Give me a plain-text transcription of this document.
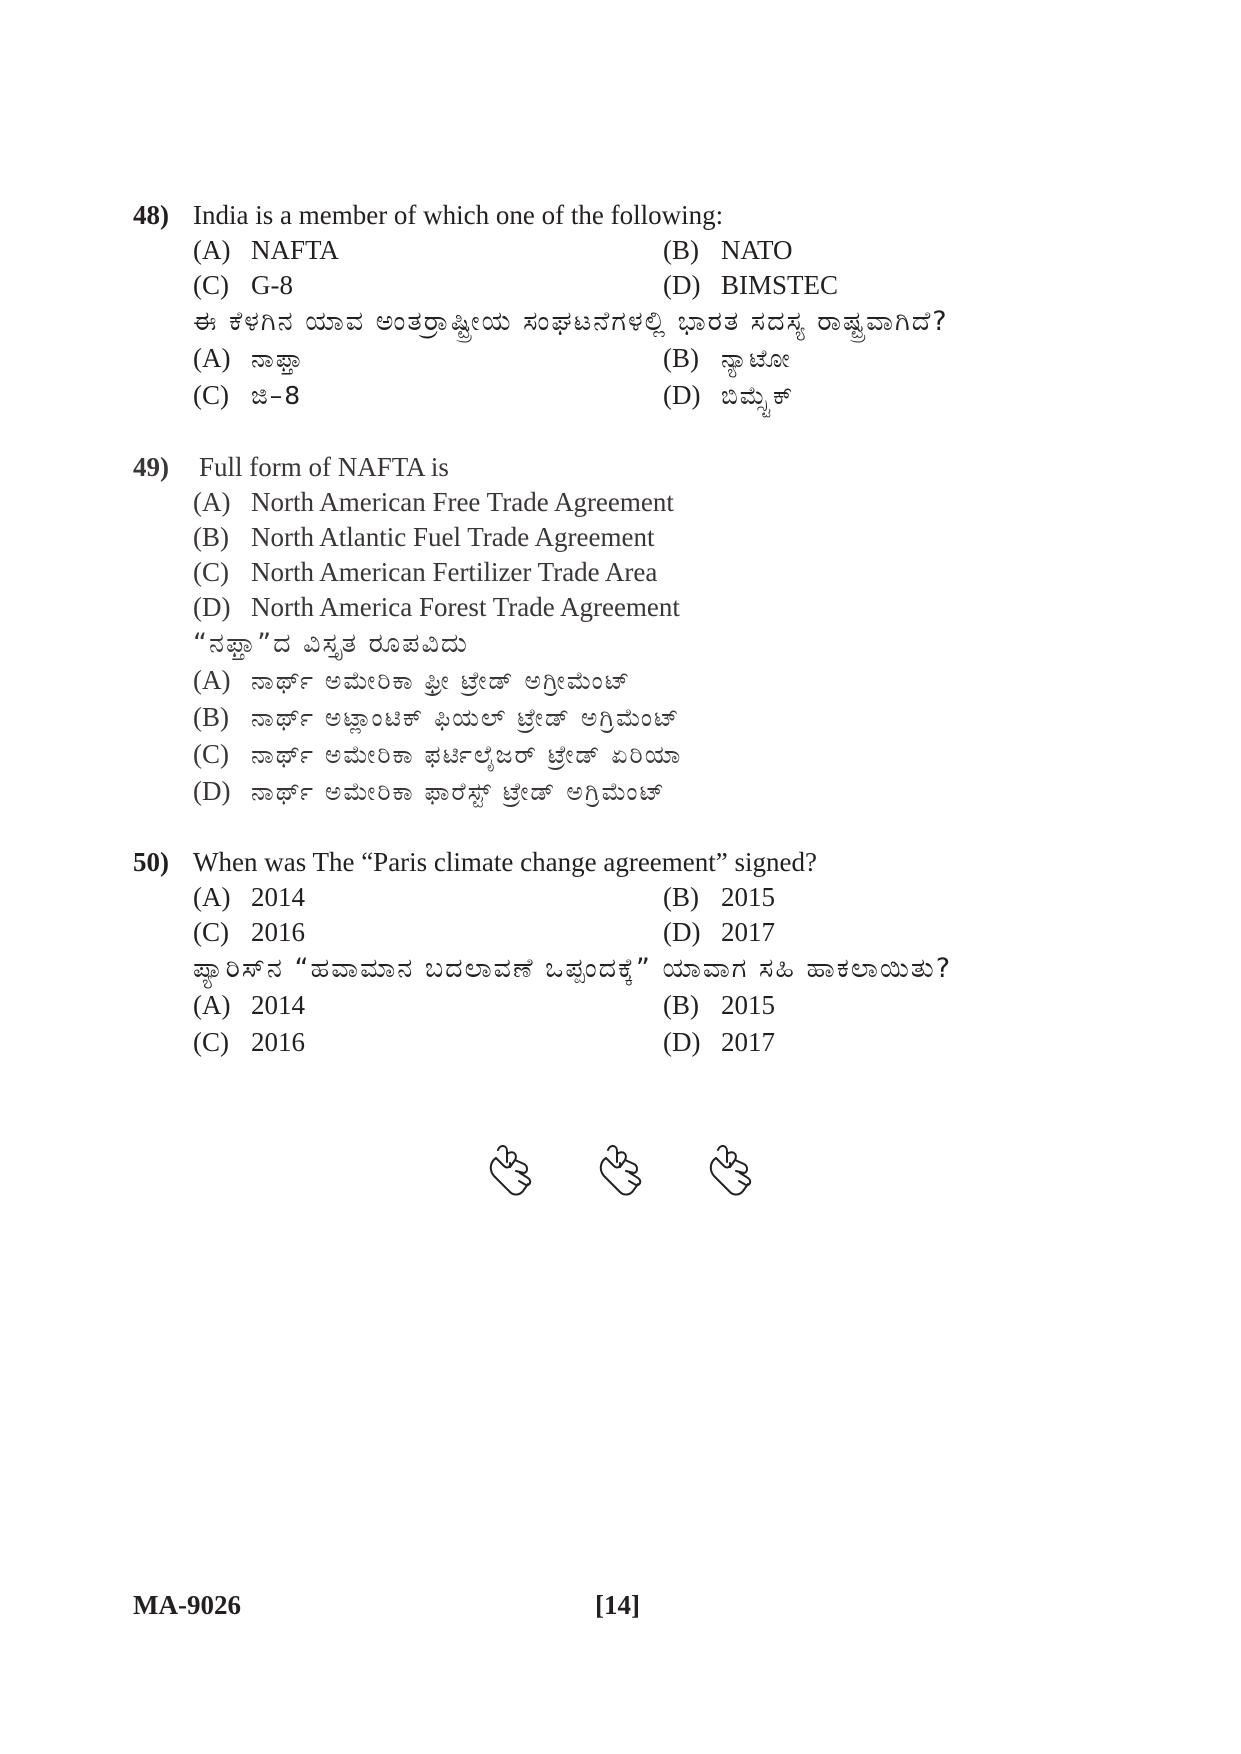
48) India is a member of which one of the following:
(A) NAFTA	(B) NATO
(C) G-8	(D) BIMSTEC
ಈ ಕೆಳಗಿನ ಯಾವ ಅಂತರ್ರಾಷ್ಟ್ರೀಯ ಸಂಘಟನೆಗಳಲ್ಲಿ ಭಾರತ ಸದಸ್ಯ ರಾಷ್ಟ್ರವಾಗಿದೆ?
(A) ನಾಫ್ತಾ	(B) ನ್ಯಾಟೋ
(C) ಜಿ–8	(D) ಬಿಮ್ಸ್ಟೆಕ್
49) Full form of NAFTA is
(A) North American Free Trade Agreement
(B) North Atlantic Fuel Trade Agreement
(C) North American Fertilizer Trade Area
(D) North America Forest Trade Agreement
“ನಫ್ತಾ”ದ ವಿಸ್ತೃತ ರೂಪವಿದು
(A) ನಾರ್ಥ್ ಅಮೇರಿಕಾ ಫ್ರೀ ಟ್ರೇಡ್ ಅಗ್ರೀಮೆಂಟ್
(B) ನಾರ್ಥ್ ಅಟ್ಲಾಂಟಿಕ್ ಫಿಯಲ್ ಟ್ರೇಡ್ ಅಗ್ರಿಮೆಂಟ್
(C) ನಾರ್ಥ್ ಅಮೇರಿಕಾ ಫರ್ಟಿಲೈಜರ್ ಟ್ರೇಡ್ ಏರಿಯಾ
(D) ನಾರ್ಥ್ ಅಮೇರಿಕಾ ಫಾರೆಸ್ಟ್ ಟ್ರೇಡ್ ಅಗ್ರಿಮೆಂಟ್
50) When was The “Paris climate change agreement” signed?
(A) 2014	(B) 2015
(C) 2016	(D) 2017
ಪ್ಯಾರಿಸ್‌ನ “ಹವಾಮಾನ ಬದಲಾವಣೆ ಒಪ್ಪಂದಕ್ಕೆ” ಯಾವಾಗ ಸಹಿ ಹಾಕಲಾಯಿತು?
(A) 2014	(B) 2015
(C) 2016	(D) 2017
MA-9026	[14]
